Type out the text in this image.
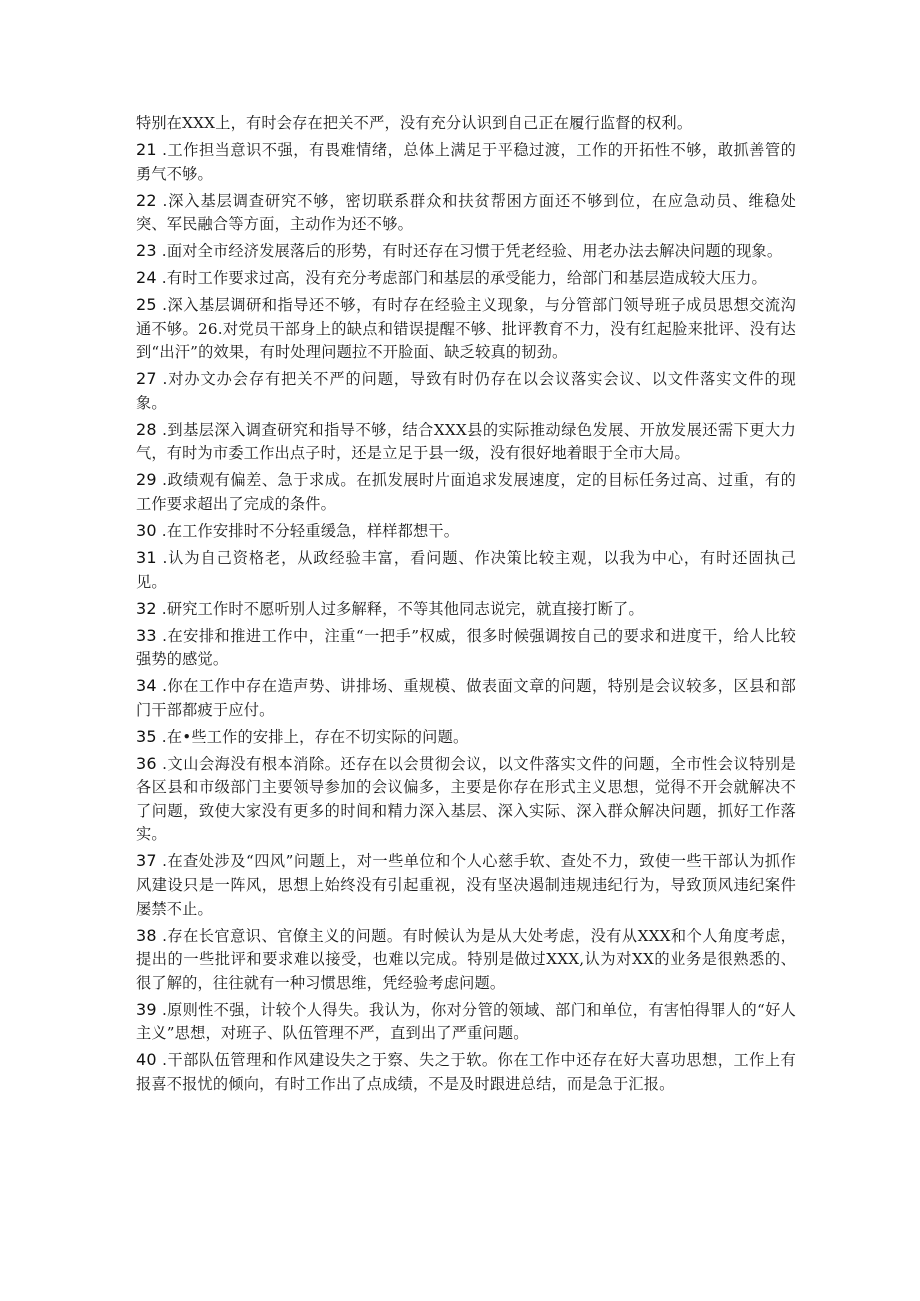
特别在XXX上，有时会存在把关不严，没有充分认识到自己正在履行监督的权利。

21 .工作担当意识不强，有畏难情绪，总体上满足于平稳过渡，工作的开拓性不够，敢抓善管的勇气不够。

22 .深入基层调查研究不够，密切联系群众和扶贫帮困方面还不够到位，在应急动员、维稳处突、军民融合等方面，主动作为还不够。

23 .面对全市经济发展落后的形势，有时还存在习惯于凭老经验、用老办法去解决问题的现象。

24 .有时工作要求过高，没有充分考虑部门和基层的承受能力，给部门和基层造成较大压力。

25 .深入基层调研和指导还不够，有时存在经验主义现象，与分管部门领导班子成员思想交流沟通不够。26.对党员干部身上的缺点和错误提醒不够、批评教育不力，没有红起脸来批评、没有达到“出汗”的效果，有时处理问题拉不开脸面、缺乏较真的韧劲。

27 .对办文办会存有把关不严的问题，导致有时仍存在以会议落实会议、以文件落实文件的现象。

28 .到基层深入调查研究和指导不够，结合XXX县的实际推动绿色发展、开放发展还需下更大力气，有时为市委工作出点子时，还是立足于县一级，没有很好地着眼于全市大局。

29 .政绩观有偏差、急于求成。在抓发展时片面追求发展速度，定的目标任务过高、过重，有的工作要求超出了完成的条件。

30 .在工作安排时不分轻重缓急，样样都想干。

31 .认为自己资格老，从政经验丰富，看问题、作决策比较主观，以我为中心，有时还固执己见。

32 .研究工作时不愿听别人过多解释，不等其他同志说完，就直接打断了。

33 .在安排和推进工作中，注重“一把手”权威，很多时候强调按自己的要求和进度干，给人比较强势的感觉。

34 .你在工作中存在造声势、讲排场、重规模、做表面文章的问题，特别是会议较多，区县和部门干部都疲于应付。

35 .在•些工作的安排上，存在不切实际的问题。

36 .文山会海没有根本消除。还存在以会贯彻会议，以文件落实文件的问题，全市性会议特别是各区县和市级部门主要领导参加的会议偏多，主要是你存在形式主义思想，觉得不开会就解决不了问题，致使大家没有更多的时间和精力深入基层、深入实际、深入群众解决问题，抓好工作落实。

37 .在查处涉及“四风”问题上，对一些单位和个人心慈手软、查处不力，致使一些干部认为抓作风建设只是一阵风，思想上始终没有引起重视，没有坚决遏制违规违纪行为，导致顶风违纪案件屡禁不止。

38 .存在长官意识、官僚主义的问题。有时候认为是从大处考虑，没有从XXX和个人角度考虑，提出的一些批评和要求难以接受，也难以完成。特别是做过XXX,认为对XX的业务是很熟悉的、很了解的，往往就有一种习惯思维，凭经验考虑问题。

39 .原则性不强，计较个人得失。我认为，你对分管的领域、部门和单位，有害怕得罪人的“好人主义”思想，对班子、队伍管理不严，直到出了严重问题。

40 .干部队伍管理和作风建设失之于察、失之于软。你在工作中还存在好大喜功思想，工作上有报喜不报忧的倾向，有时工作出了点成绩，不是及时跟进总结，而是急于汇报。
